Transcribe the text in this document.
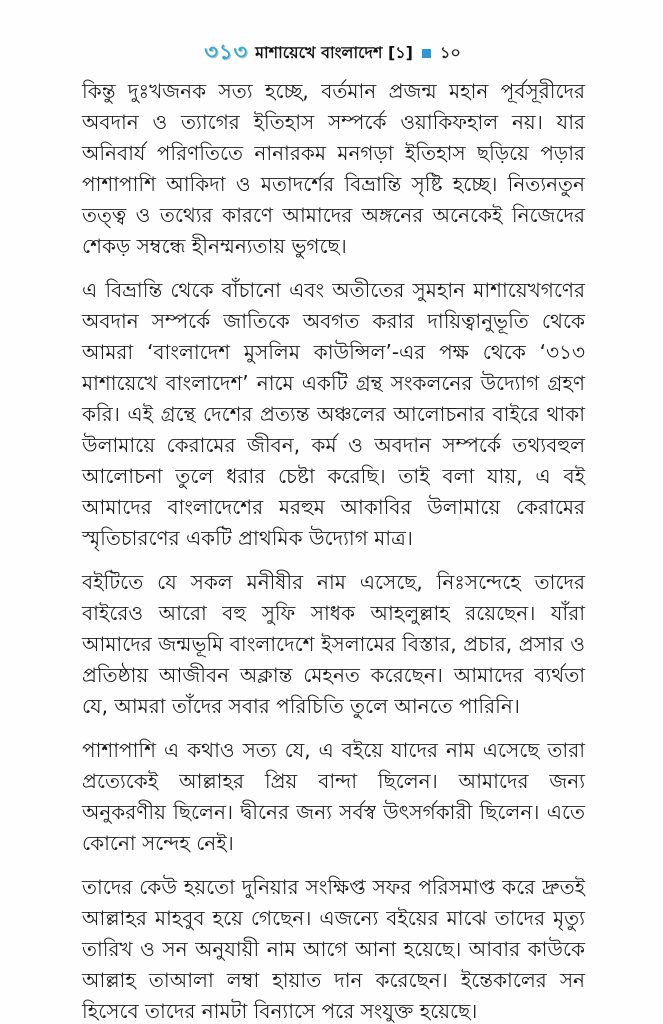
৩১৩ মাশায়েখে বাংলাদেশ [১] ১০

কিন্তু দুঃখজনক সত্য হচ্ছে, বর্তমান প্রজন্ম মহান পূর্বসূরীদের অবদান ও ত্যাগের ইতিহাস সম্পর্কে ওয়াকিফহাল নয়। যার অনিবার্য পরিণতিতে নানারকম মনগড়া ইতিহাস ছড়িয়ে পড়ার পাশাপাশি আকিদা ও মতাদর্শের বিভ্রান্তি সৃষ্টি হচ্ছে। নিত্যনতুন তত্ত্ব ও তথ্যের কারণে আমাদের অঙ্গনের অনেকেই নিজেদের শেকড় সম্বন্ধে হীনম্মন্যতায় ভুগছে।

এ বিভ্রান্তি থেকে বাঁচানো এবং অতীতের সুমহান মাশায়েখগণের অবদান সম্পর্কে জাতিকে অবগত করার দায়িত্বানুভূতি থেকে আমরা ‘বাংলাদেশ মুসলিম কাউন্সিল’-এর পক্ষ থেকে ‘৩১৩ মাশায়েখে বাংলাদেশ’ নামে একটি গ্রন্থ সংকলনের উদ্যোগ গ্রহণ করি। এই গ্রন্থে দেশের প্রত্যন্ত অঞ্চলের আলোচনার বাইরে থাকা উলামায়ে কেরামের জীবন, কর্ম ও অবদান সম্পর্কে তথ্যবহুল আলোচনা তুলে ধরার চেষ্টা করেছি। তাই বলা যায়, এ বই আমাদের বাংলাদেশের মরহুম আকাবির উলামায়ে কেরামের স্মৃতিচারণের একটি প্রাথমিক উদ্যোগ মাত্র।

বইটিতে যে সকল মনীষীর নাম এসেছে, নিঃসন্দেহে তাদের বাইরেও আরো বহু সুফি সাধক আহলুল্লাহ রয়েছেন। যাঁরা আমাদের জন্মভূমি বাংলাদেশে ইসলামের বিস্তার, প্রচার, প্রসার ও প্রতিষ্ঠায় আজীবন অক্লান্ত মেহনত করেছেন। আমাদের ব্যর্থতা যে, আমরা তাঁদের সবার পরিচিতি তুলে আনতে পারিনি।

পাশাপাশি এ কথাও সত্য যে, এ বইয়ে যাদের নাম এসেছে তারা প্রত্যেকেই আল্লাহর প্রিয় বান্দা ছিলেন। আমাদের জন্য অনুকরণীয় ছিলেন। দ্বীনের জন্য সর্বস্ব উৎসর্গকারী ছিলেন। এতে কোনো সন্দেহ নেই।

তাদের কেউ হয়তো দুনিয়ার সংক্ষিপ্ত সফর পরিসমাপ্ত করে দ্রুতই আল্লাহর মাহবুব হয়ে গেছেন। এজন্যে বইয়ের মাঝে তাদের মৃত্যু তারিখ ও সন অনুযায়ী নাম আগে আনা হয়েছে। আবার কাউকে আল্লাহ তাআলা লম্বা হায়াত দান করেছেন। ইন্তেকালের সন হিসেবে তাদের নামটা বিন্যাসে পরে সংযুক্ত হয়েছে।
